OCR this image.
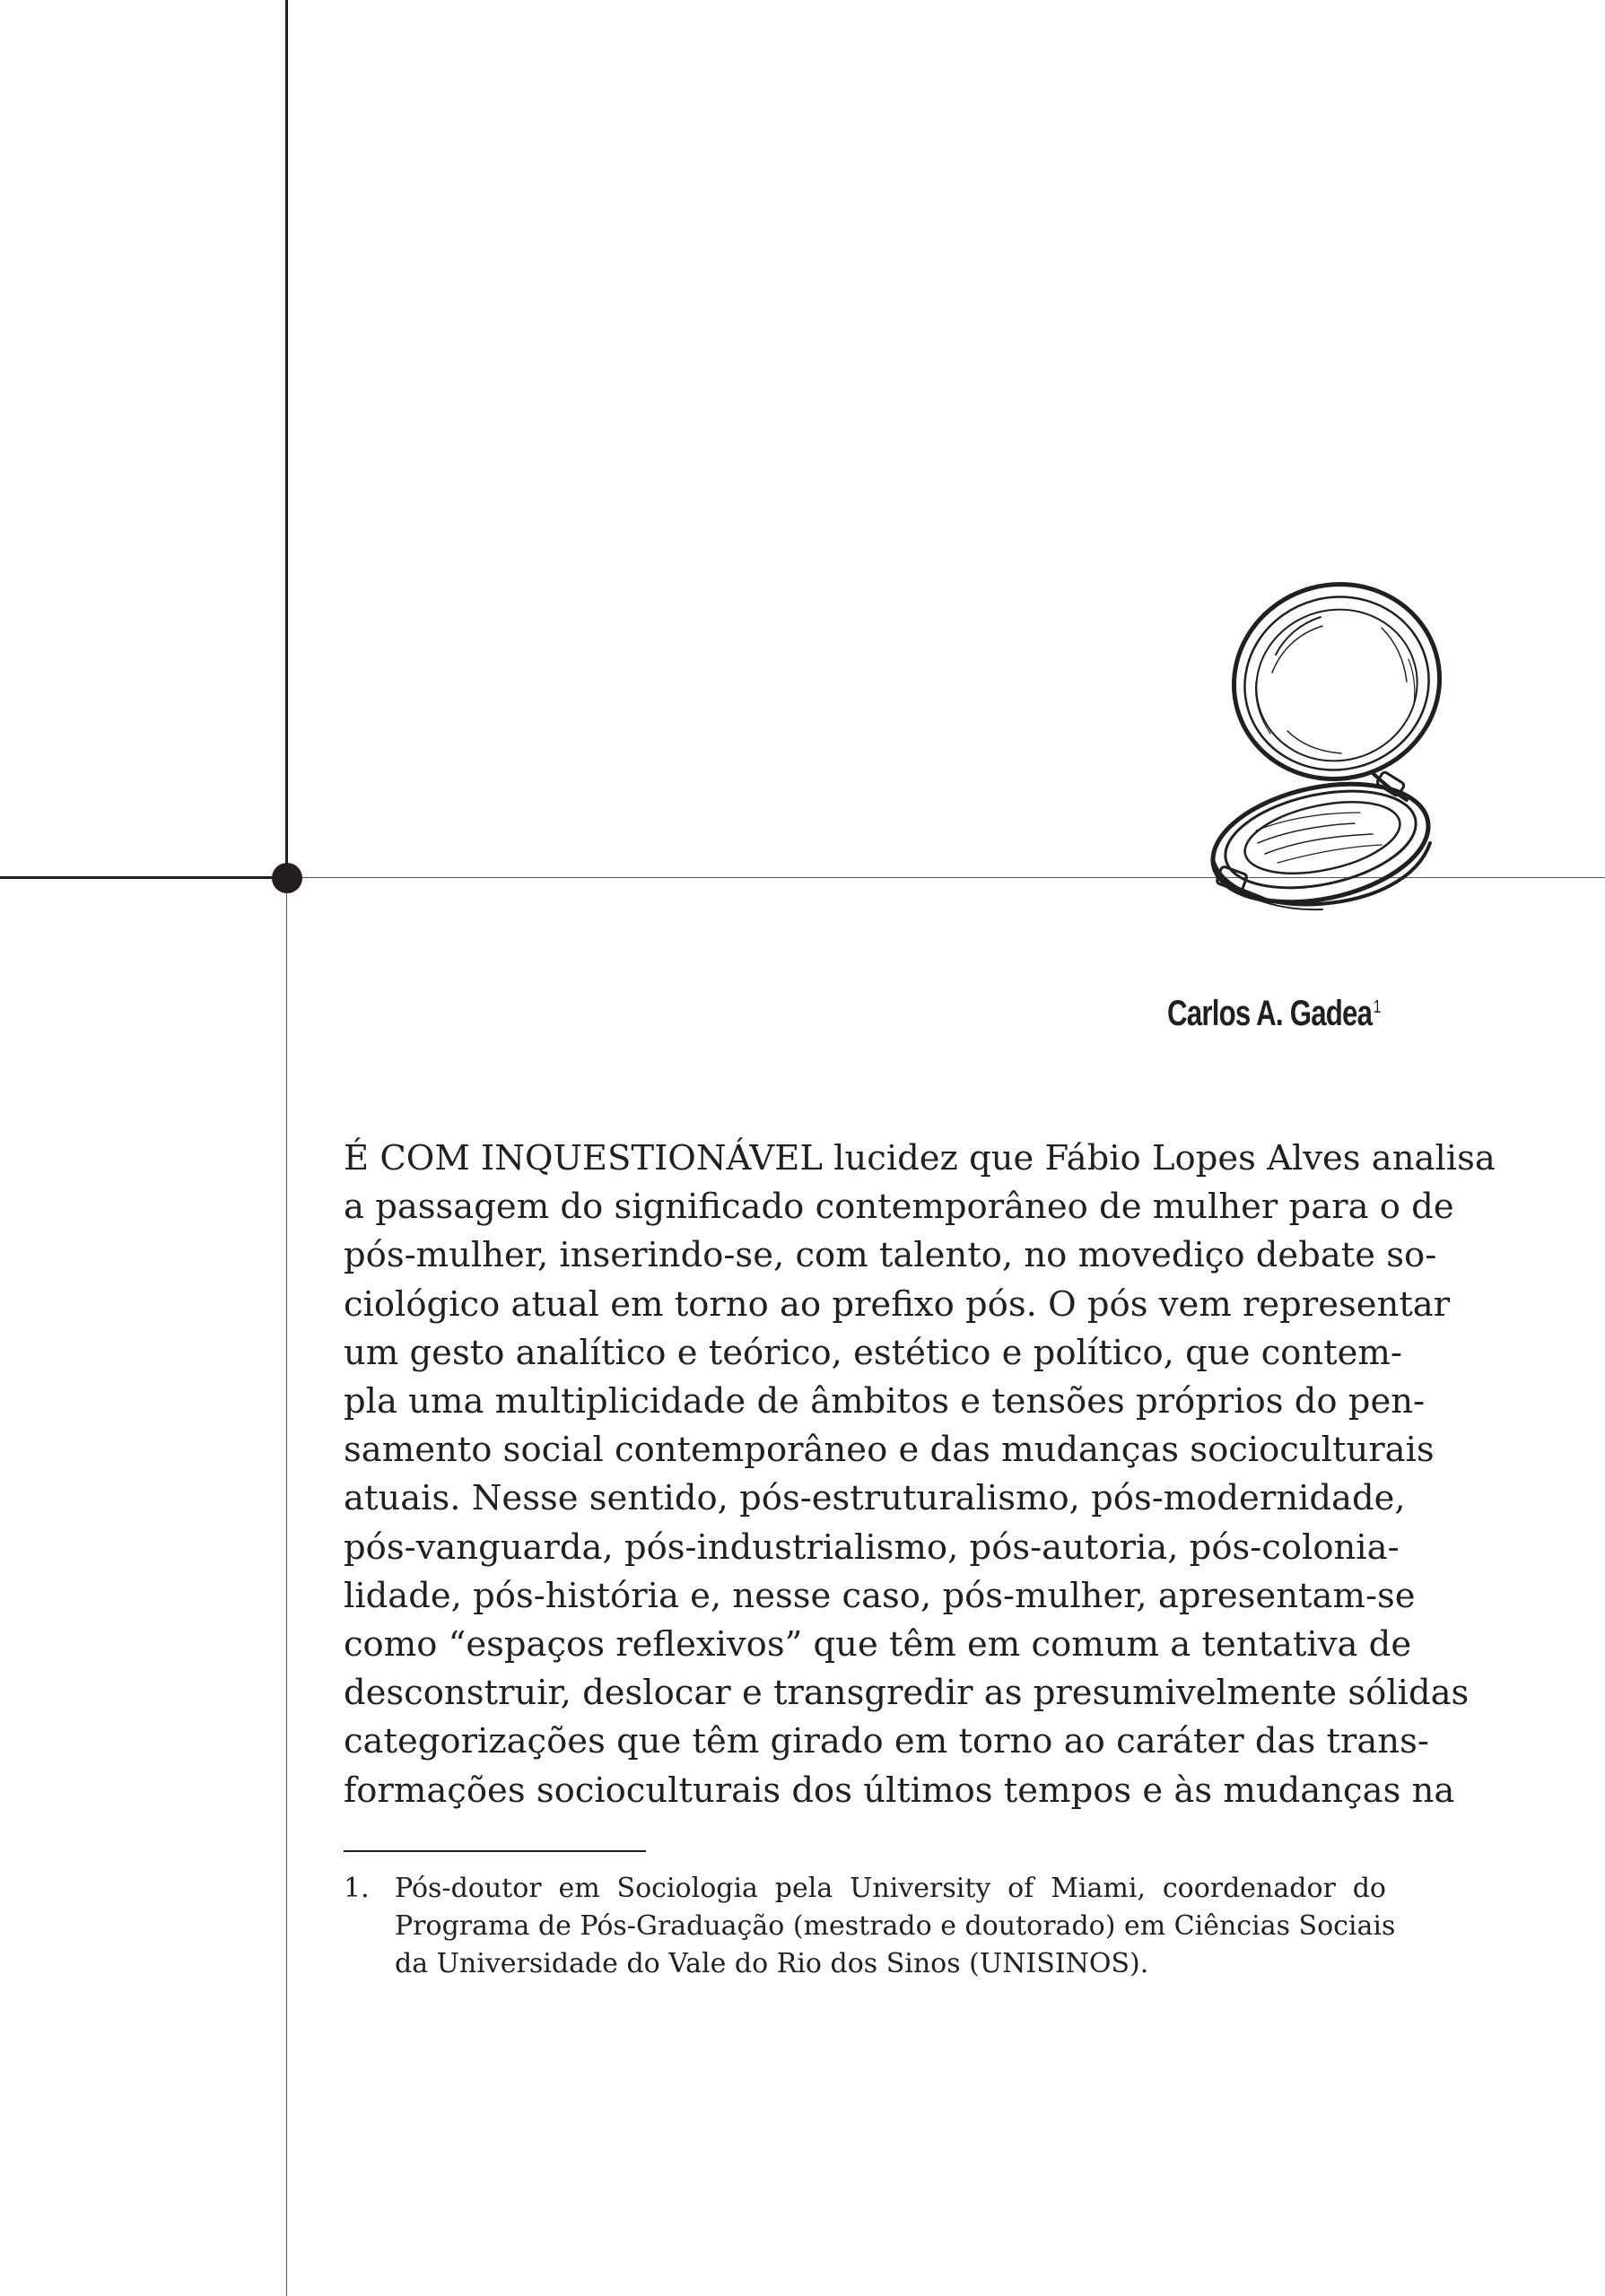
Carlos A. Gadea$^1$

É COM INQUESTIONÁVEL lucidez que Fábio Lopes Alves analisa
a passagem do significado contemporâneo de mulher para o de
pós-mulher, inserindo-se, com talento, no movediço debate so-
ciológico atual em torno ao prefixo pós. O pós vem representar
um gesto analítico e teórico, estético e político, que contem-
pla uma multiplicidade de âmbitos e tensões próprios do pen-
samento social contemporâneo e das mudanças socioculturais
atuais. Nesse sentido, pós-estruturalismo, pós-modernidade,
pós-vanguarda, pós-industrialismo, pós-autoria, pós-colonia-
lidade, pós-história e, nesse caso, pós-mulher, apresentam-se
como “espaços reflexivos” que têm em comum a tentativa de
desconstruir, deslocar e transgredir as presumivelmente sólidas
categorizações que têm girado em torno ao caráter das trans-
formações socioculturais dos últimos tempos e às mudanças na

1. Pós-doutor em Sociologia pela University of Miami, coordenador do
Programa de Pós-Graduação (mestrado e doutorado) em Ciências Sociais
da Universidade do Vale do Rio dos Sinos (UNISINOS).
